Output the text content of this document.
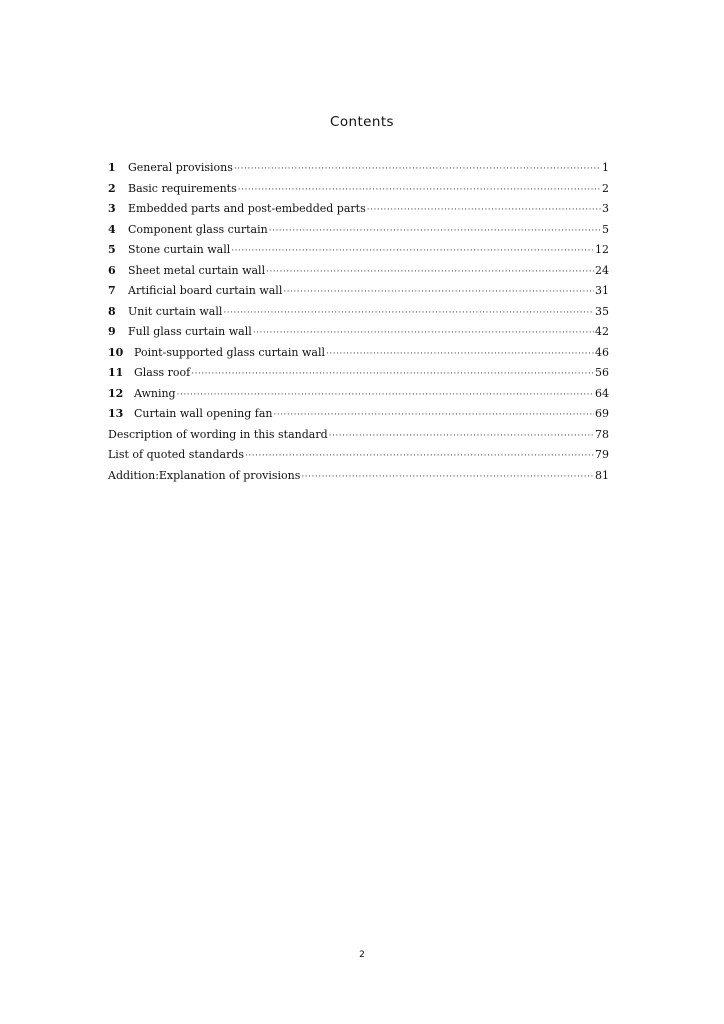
Contents
1	General provisions ·····	1
2	Basic requirements ·····	2
3	Embedded parts and post-embedded parts ·····	3
4	Component glass curtain ·····	5
5	Stone curtain wall ·····	12
6	Sheet metal curtain wall ·····	24
7	Artificial board curtain wall ·····	31
8	Unit curtain wall ·····	35
9	Full glass curtain wall ·····	42
10 Point-supported glass curtain wall ·····	46
11 Glass roof ·····	56
12 Awning ·····	64
13 Curtain wall opening fan ·····	69
Description of wording in this standard ·····	78
List of quoted standards ·····	79
Addition:Explanation of provisions ·····	81
2
